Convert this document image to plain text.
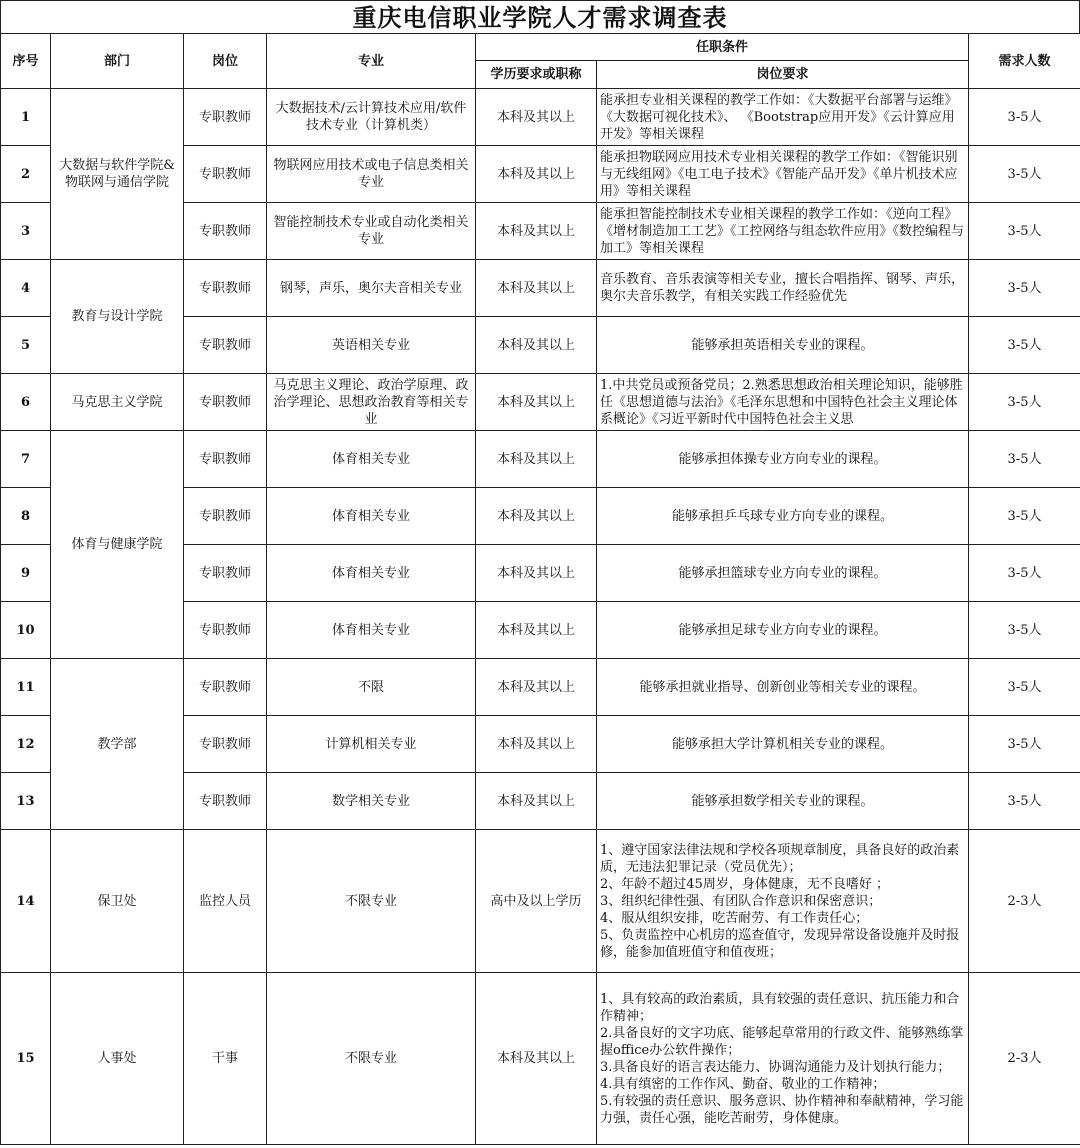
重庆电信职业学院人才需求调查表
序号	部门	岗位	专业	任职条件		需求人数
				学历要求或职称	岗位要求	
1	大数据与软件学院&物联网与通信学院	专职教师	大数据技术/云计算技术应用/软件技术专业（计算机类）	本科及其以上	能承担专业相关课程的教学工作如：《大数据平台部署与运维》《大数据可视化技术》、 《Bootstrap应用开发》《云计算应用开发》等相关课程	3-5人
2		专职教师	物联网应用技术或电子信息类相关专业	本科及其以上	能承担物联网应用技术专业相关课程的教学工作如：《智能识别与无线组网》《电工电子技术》《智能产品开发》《单片机技术应用》等相关课程	3-5人
3		专职教师	智能控制技术专业或自动化类相关专业	本科及其以上	能承担智能控制技术专业相关课程的教学工作如：《逆向工程》《增材制造加工工艺》《工控网络与组态软件应用》《数控编程与加工》等相关课程	3-5人
4	教育与设计学院	专职教师	钢琴，声乐，奥尔夫音相关专业	本科及其以上	音乐教育、音乐表演等相关专业，擅长合唱指挥、钢琴、声乐，奥尔夫音乐教学，有相关实践工作经验优先	3-5人
5		专职教师	英语相关专业	本科及其以上	能够承担英语相关专业的课程。	3-5人
6	马克思主义学院	专职教师	马克思主义理论、政治学原理、政治学理论、思想政治教育等相关专业	本科及其以上	1.中共党员或预备党员；2.熟悉思想政治相关理论知识，能够胜任《思想道德与法治》《毛泽东思想和中国特色社会主义理论体系概论》《习近平新时代中国特色社会主义思	3-5人
7	体育与健康学院	专职教师	体育相关专业	本科及其以上	能够承担体操专业方向专业的课程。	3-5人
8		专职教师	体育相关专业	本科及其以上	能够承担乒乓球专业方向专业的课程。	3-5人
9		专职教师	体育相关专业	本科及其以上	能够承担篮球专业方向专业的课程。	3-5人
10		专职教师	体育相关专业	本科及其以上	能够承担足球专业方向专业的课程。	3-5人
11	教学部	专职教师	不限	本科及其以上	能够承担就业指导、创新创业等相关专业的课程。	3-5人
12		专职教师	计算机相关专业	本科及其以上	能够承担大学计算机相关专业的课程。	3-5人
13		专职教师	数学相关专业	本科及其以上	能够承担数学相关专业的课程。	3-5人
14	保卫处	监控人员	不限专业	高中及以上学历	1、遵守国家法律法规和学校各项规章制度，具备良好的政治素质，无违法犯罪记录（党员优先）；
2、年龄不超过45周岁，身体健康，无不良嗜好 ；
3、组织纪律性强、有团队合作意识和保密意识；
4、服从组织安排，吃苦耐劳、有工作责任心；
5、负责监控中心机房的巡查值守，发现异常设备设施并及时报修，能参加值班值守和值夜班；	2-3人
15	人事处	干事	不限专业	本科及其以上	1、具有较高的政治素质，具有较强的责任意识、抗压能力和合作精神；
2.具备良好的文字功底、能够起草常用的行政文件、能够熟练掌握office办公软件操作；
3.具备良好的语言表达能力、协调沟通能力及计划执行能力；
4.具有缜密的工作作风、勤奋、敬业的工作精神；
5.有较强的责任意识、服务意识、协作精神和奉献精神，学习能力强，责任心强，能吃苦耐劳，身体健康。	2-3人
